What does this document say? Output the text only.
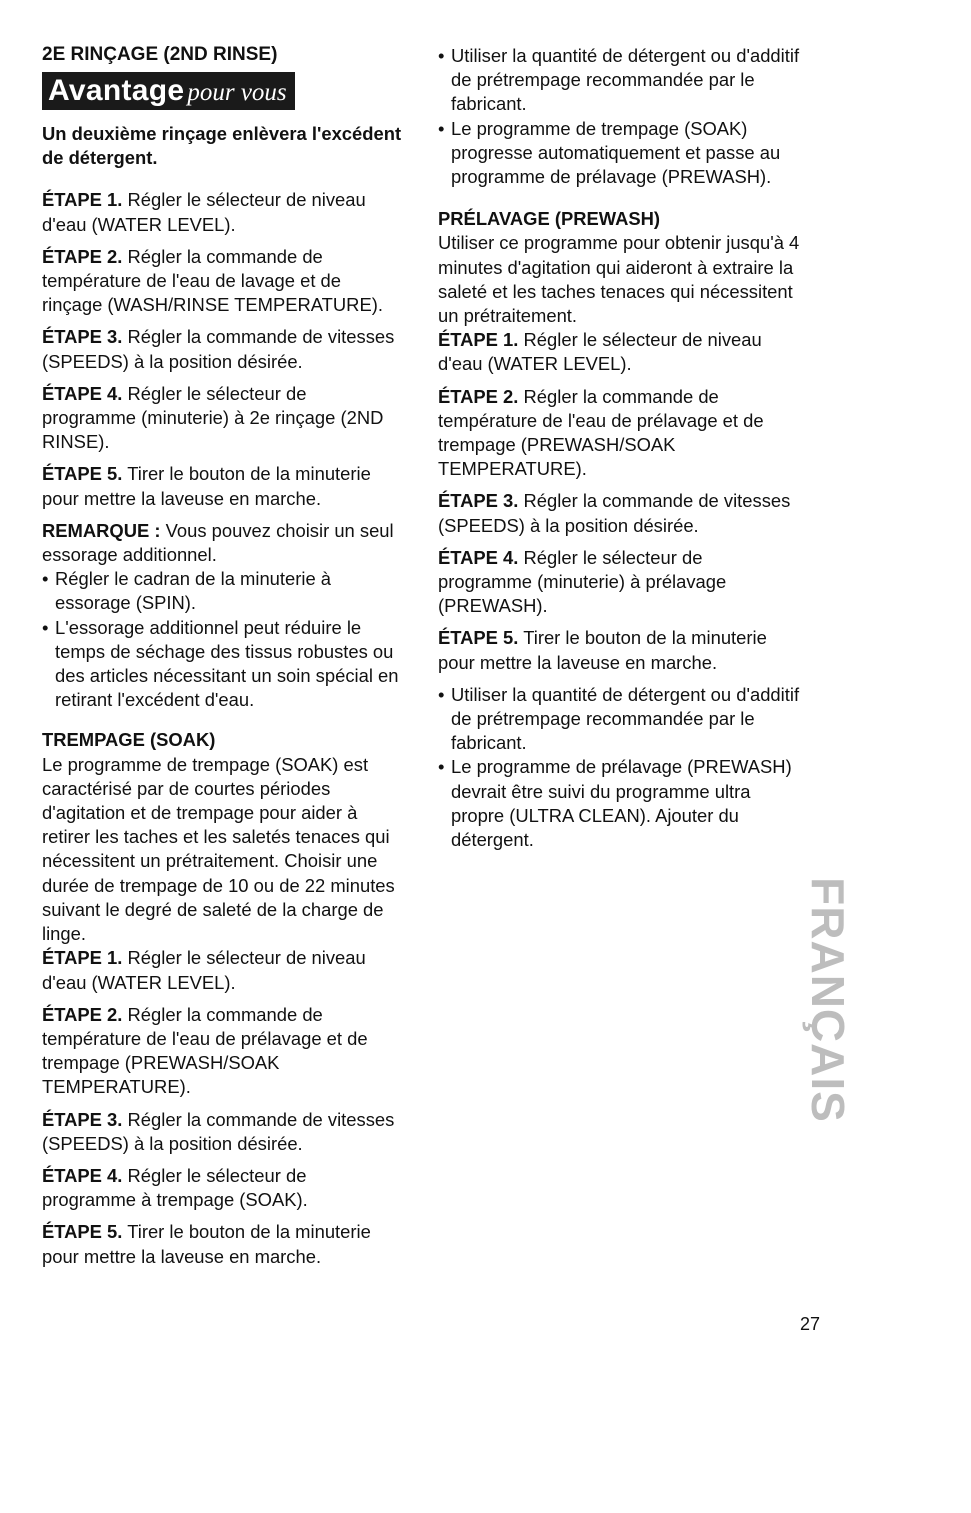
2E RINÇAGE (2ND RINSE)

Avantage pour vous

Un deuxième rinçage enlèvera l'excédent de détergent.

ÉTAPE 1. Régler le sélecteur de niveau d'eau (WATER LEVEL).

ÉTAPE 2. Régler la commande de température de l'eau de lavage et de rinçage (WASH/RINSE TEMPERATURE).

ÉTAPE 3. Régler la commande de vitesses (SPEEDS) à la position désirée.

ÉTAPE 4. Régler le sélecteur de programme (minuterie) à 2e rinçage (2ND RINSE).

ÉTAPE 5. Tirer le bouton de la minuterie pour mettre la laveuse en marche.

REMARQUE : Vous pouvez choisir un seul essorage additionnel.

• Régler le cadran de la minuterie à essorage (SPIN).
• L'essorage additionnel peut réduire le temps de séchage des tissus robustes ou des articles nécessitant un soin spécial en retirant l'excédent d'eau.

TREMPAGE (SOAK)

Le programme de trempage (SOAK) est caractérisé par de courtes périodes d'agitation et de trempage pour aider à retirer les taches et les saletés tenaces qui nécessitent un prétraitement. Choisir une durée de trempage de 10 ou de 22 minutes suivant le degré de saleté de la charge de linge.

ÉTAPE 1. Régler le sélecteur de niveau d'eau (WATER LEVEL).

ÉTAPE 2. Régler la commande de température de l'eau de prélavage et de trempage (PREWASH/SOAK TEMPERATURE).

ÉTAPE 3. Régler la commande de vitesses (SPEEDS) à la position désirée.

ÉTAPE 4. Régler le sélecteur de programme à trempage (SOAK).

ÉTAPE 5. Tirer le bouton de la minuterie pour mettre la laveuse en marche.

• Utiliser la quantité de détergent ou d'additif de prétrempage recommandée par le fabricant.
• Le programme de trempage (SOAK) progresse automatiquement et passe au programme de prélavage (PREWASH).

PRÉLAVAGE (PREWASH)

Utiliser ce programme pour obtenir jusqu'à 4 minutes d'agitation qui aideront à extraire la saleté et les taches tenaces qui nécessitent un prétraitement.

ÉTAPE 1. Régler le sélecteur de niveau d'eau (WATER LEVEL).

ÉTAPE 2. Régler la commande de température de l'eau de prélavage et de trempage (PREWASH/SOAK TEMPERATURE).

ÉTAPE 3. Régler la commande de vitesses (SPEEDS) à la position désirée.

ÉTAPE 4. Régler le sélecteur de programme (minuterie) à prélavage (PREWASH).

ÉTAPE 5. Tirer le bouton de la minuterie pour mettre la laveuse en marche.

• Utiliser la quantité de détergent ou d'additif de prétrempage recommandée par le fabricant.
• Le programme de prélavage (PREWASH) devrait être suivi du programme ultra propre (ULTRA CLEAN). Ajouter du détergent.
FRANÇAIS
27
